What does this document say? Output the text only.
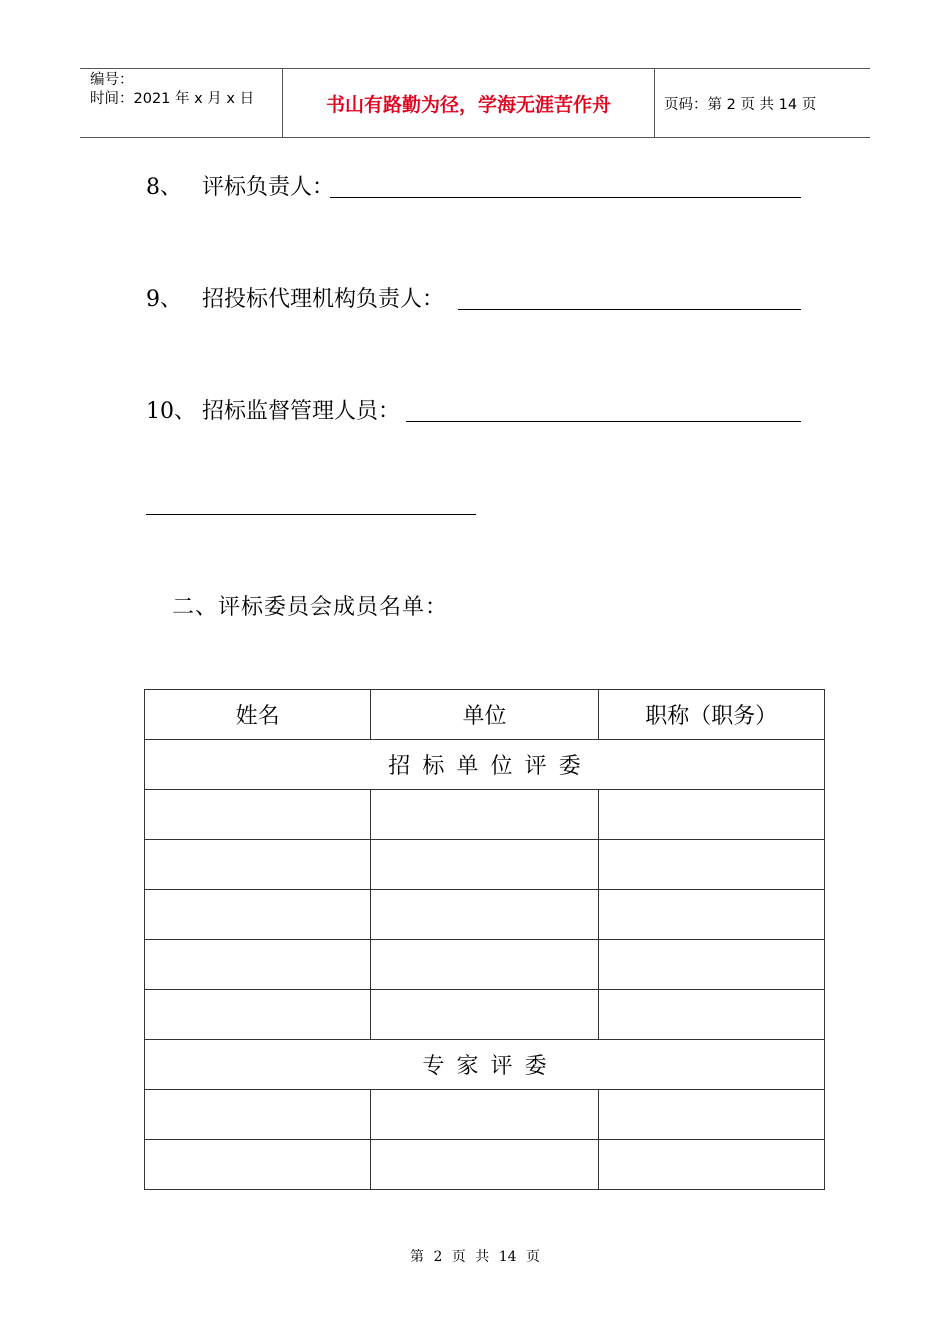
编号：
时间：2021 年 x 月 x 日	书山有路勤为径，学海无涯苦作舟	页码：第 2 页 共 14 页
8、 评标负责人：
9、 招投标代理机构负责人：
10、 招标监督管理人员：
二、评标委员会成员名单：
姓名	单位	职称（职务）
招标单位评委		

专家评委		

第 2 页 共 14 页
